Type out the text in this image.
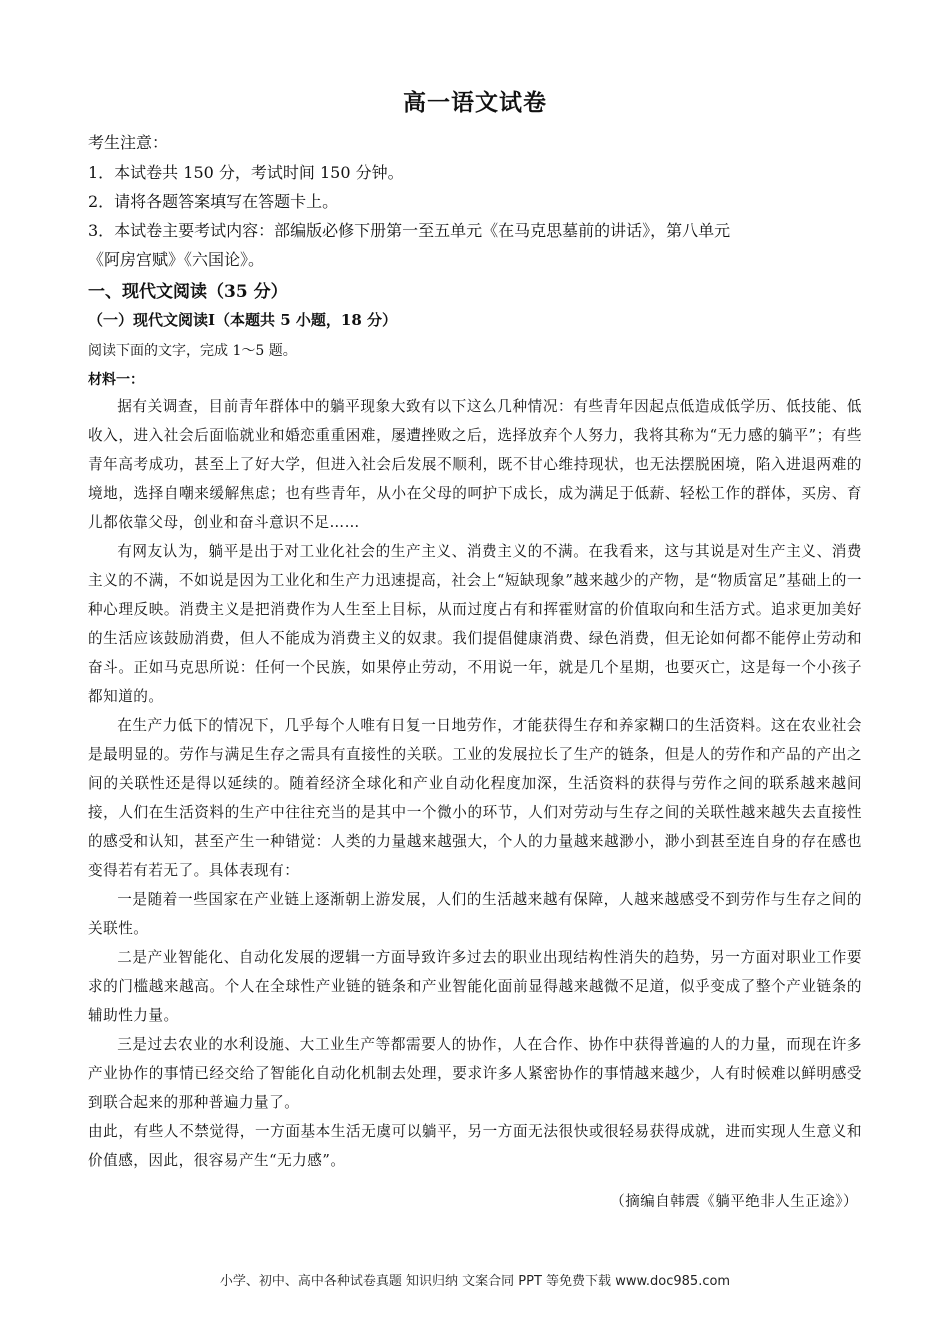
高一语文试卷
考生注意：
1．本试卷共 150 分，考试时间 150 分钟。
2．请将各题答案填写在答题卡上。
3．本试卷主要考试内容：部编版必修下册第一至五单元《在马克思墓前的讲话》，第八单元
《阿房宫赋》《六国论》。
一、现代文阅读（35 分）
（一）现代文阅读Ⅰ（本题共 5 小题，18 分）
阅读下面的文字，完成 1～5 题。
材料一：

据有关调查，目前青年群体中的躺平现象大致有以下这么几种情况：有些青年因起点低造成低学历、低技能、低收入，进入社会后面临就业和婚恋重重困难，屡遭挫败之后，选择放弃个人努力，我将其称为“无力感的躺平”；有些青年高考成功，甚至上了好大学，但进入社会后发展不顺利，既不甘心维持现状，也无法摆脱困境，陷入进退两难的境地，选择自嘲来缓解焦虑；也有些青年，从小在父母的呵护下成长，成为满足于低薪、轻松工作的群体，买房、育儿都依靠父母，创业和奋斗意识不足……

有网友认为，躺平是出于对工业化社会的生产主义、消费主义的不满。在我看来，这与其说是对生产主义、消费主义的不满，不如说是因为工业化和生产力迅速提高，社会上“短缺现象”越来越少的产物，是“物质富足”基础上的一种心理反映。消费主义是把消费作为人生至上目标，从而过度占有和挥霍财富的价值取向和生活方式。追求更加美好的生活应该鼓励消费，但人不能成为消费主义的奴隶。我们提倡健康消费、绿色消费，但无论如何都不能停止劳动和奋斗。正如马克思所说：任何一个民族，如果停止劳动，不用说一年，就是几个星期，也要灭亡，这是每一个小孩子都知道的。

在生产力低下的情况下，几乎每个人唯有日复一日地劳作，才能获得生存和养家糊口的生活资料。这在农业社会是最明显的。劳作与满足生存之需具有直接性的关联。工业的发展拉长了生产的链条，但是人的劳作和产品的产出之间的关联性还是得以延续的。随着经济全球化和产业自动化程度加深，生活资料的获得与劳作之间的联系越来越间接，人们在生活资料的生产中往往充当的是其中一个微小的环节，人们对劳动与生存之间的关联性越来越失去直接性的感受和认知，甚至产生一种错觉：人类的力量越来越强大，个人的力量越来越渺小，渺小到甚至连自身的存在感也变得若有若无了。具体表现有：

一是随着一些国家在产业链上逐渐朝上游发展，人们的生活越来越有保障，人越来越感受不到劳作与生存之间的关联性。

二是产业智能化、自动化发展的逻辑一方面导致许多过去的职业出现结构性消失的趋势，另一方面对职业工作要求的门槛越来越高。个人在全球性产业链的链条和产业智能化面前显得越来越微不足道，似乎变成了整个产业链条的辅助性力量。

三是过去农业的水利设施、大工业生产等都需要人的协作，人在合作、协作中获得普遍的人的力量，而现在许多产业协作的事情已经交给了智能化自动化机制去处理，要求许多人紧密协作的事情越来越少，人有时候难以鲜明感受到联合起来的那种普遍力量了。

由此，有些人不禁觉得，一方面基本生活无虞可以躺平，另一方面无法很快或很轻易获得成就，进而实现人生意义和价值感，因此，很容易产生“无力感”。

（摘编自韩震《躺平绝非人生正途》）
小学、初中、高中各种试卷真题 知识归纳 文案合同 PPT 等免费下载 www.doc985.com
